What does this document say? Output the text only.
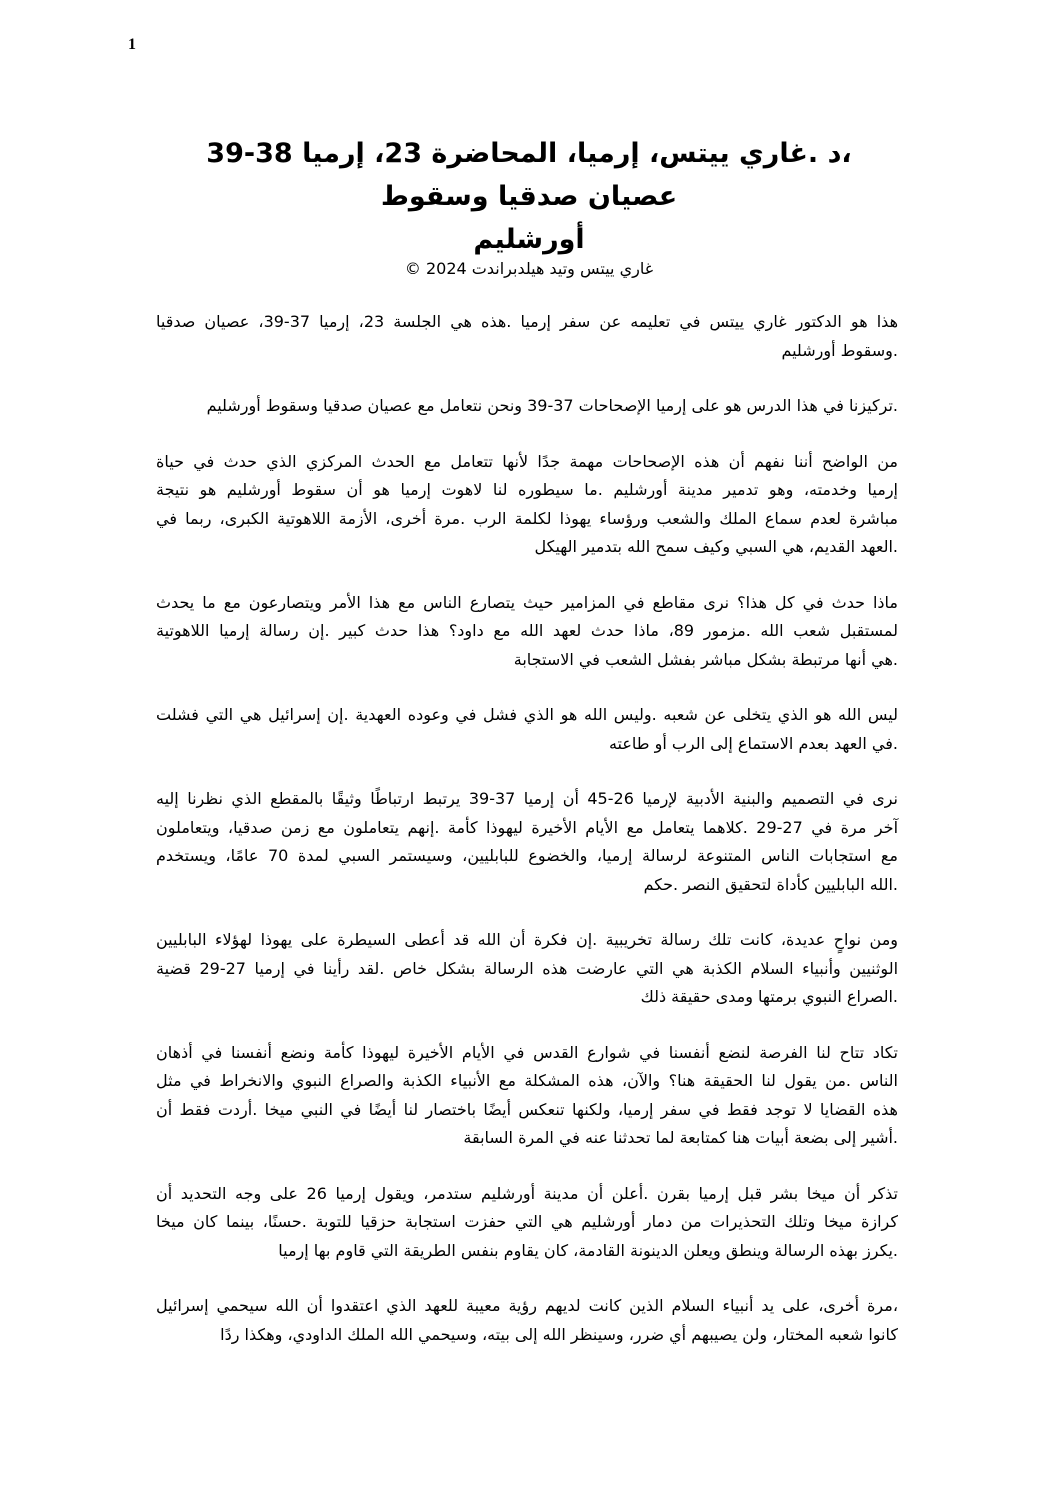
1
،د .غاري ييتس، إرميا، المحاضرة 23، إرميا 38-39
عصيان صدقيا وسقوط
أورشليم
غاري ييتس وتيد هيلدبراندت 2024 ©
هذا هو الدكتور غاري ييتس في تعليمه عن سفر إرميا .هذه هي الجلسة 23، إرميا 37-39، عصيان صدقيا
.وسقوط أورشليم
.تركيزنا في هذا الدرس هو على إرميا الإصحاحات 37-39 ونحن نتعامل مع عصيان صدقيا وسقوط أورشليم
من الواضح أننا نفهم أن هذه الإصحاحات مهمة جدًا لأنها تتعامل مع الحدث المركزي الذي حدث في حياة
إرميا وخدمته، وهو تدمير مدينة أورشليم .ما سيطوره لنا لاهوت إرميا هو أن سقوط أورشليم هو نتيجة
مباشرة لعدم سماع الملك والشعب ورؤساء يهوذا لكلمة الرب .مرة أخرى، الأزمة اللاهوتية الكبرى، ربما في
.العهد القديم، هي السبي وكيف سمح الله بتدمير الهيكل
ماذا حدث في كل هذا؟ نرى مقاطع في المزامير حيث يتصارع الناس مع هذا الأمر ويتصارعون مع ما يحدث
لمستقبل شعب الله .مزمور 89، ماذا حدث لعهد الله مع داود؟ هذا حدث كبير .إن رسالة إرميا اللاهوتية
.هي أنها مرتبطة بشكل مباشر بفشل الشعب في الاستجابة
ليس الله هو الذي يتخلى عن شعبه .وليس الله هو الذي فشل في وعوده العهدية .إن إسرائيل هي التي فشلت
.في العهد بعدم الاستماع إلى الرب أو طاعته
نرى في التصميم والبنية الأدبية لإرميا 26-45 أن إرميا 37-39 يرتبط ارتباطًا وثيقًا بالمقطع الذي نظرنا إليه
آخر مرة في 27-29 .كلاهما يتعامل مع الأيام الأخيرة ليهوذا كأمة .إنهم يتعاملون مع زمن صدقيا، ويتعاملون
مع استجابات الناس المتنوعة لرسالة إرميا، والخضوع للبابليين، وسيستمر السبي لمدة 70 عامًا، ويستخدم
.الله البابليين كأداة لتحقيق النصر .حكم
ومن نواحٍ عديدة، كانت تلك رسالة تخريبية .إن فكرة أن الله قد أعطى السيطرة على يهوذا لهؤلاء البابليين
الوثنيين وأنبياء السلام الكذبة هي التي عارضت هذه الرسالة بشكل خاص .لقد رأينا في إرميا 27-29 قضية
.الصراع النبوي برمتها ومدى حقيقة ذلك
تكاد تتاح لنا الفرصة لنضع أنفسنا في شوارع القدس في الأيام الأخيرة ليهوذا كأمة ونضع أنفسنا في أذهان
الناس .من يقول لنا الحقيقة هنا؟ والآن، هذه المشكلة مع الأنبياء الكذبة والصراع النبوي والانخراط في مثل
هذه القضايا لا توجد فقط في سفر إرميا، ولكنها تنعكس أيضًا باختصار لنا أيضًا في النبي ميخا .أردت فقط أن
.أشير إلى بضعة أبيات هنا كمتابعة لما تحدثنا عنه في المرة السابقة
تذكر أن ميخا بشر قبل إرميا بقرن .أعلن أن مدينة أورشليم ستدمر، ويقول إرميا 26 على وجه التحديد أن
كرازة ميخا وتلك التحذيرات من دمار أورشليم هي التي حفزت استجابة حزقيا للتوبة .حسنًا، بينما كان ميخا
.يكرز بهذه الرسالة وينطق ويعلن الدينونة القادمة، كان يقاوم بنفس الطريقة التي قاوم بها إرميا
،مرة أخرى، على يد أنبياء السلام الذين كانت لديهم رؤية معيبة للعهد الذي اعتقدوا أن الله سيحمي إسرائيل
كانوا شعبه المختار، ولن يصيبهم أي ضرر، وسينظر الله إلى بيته، وسيحمي الله الملك الداودي، وهكذا ردًا
